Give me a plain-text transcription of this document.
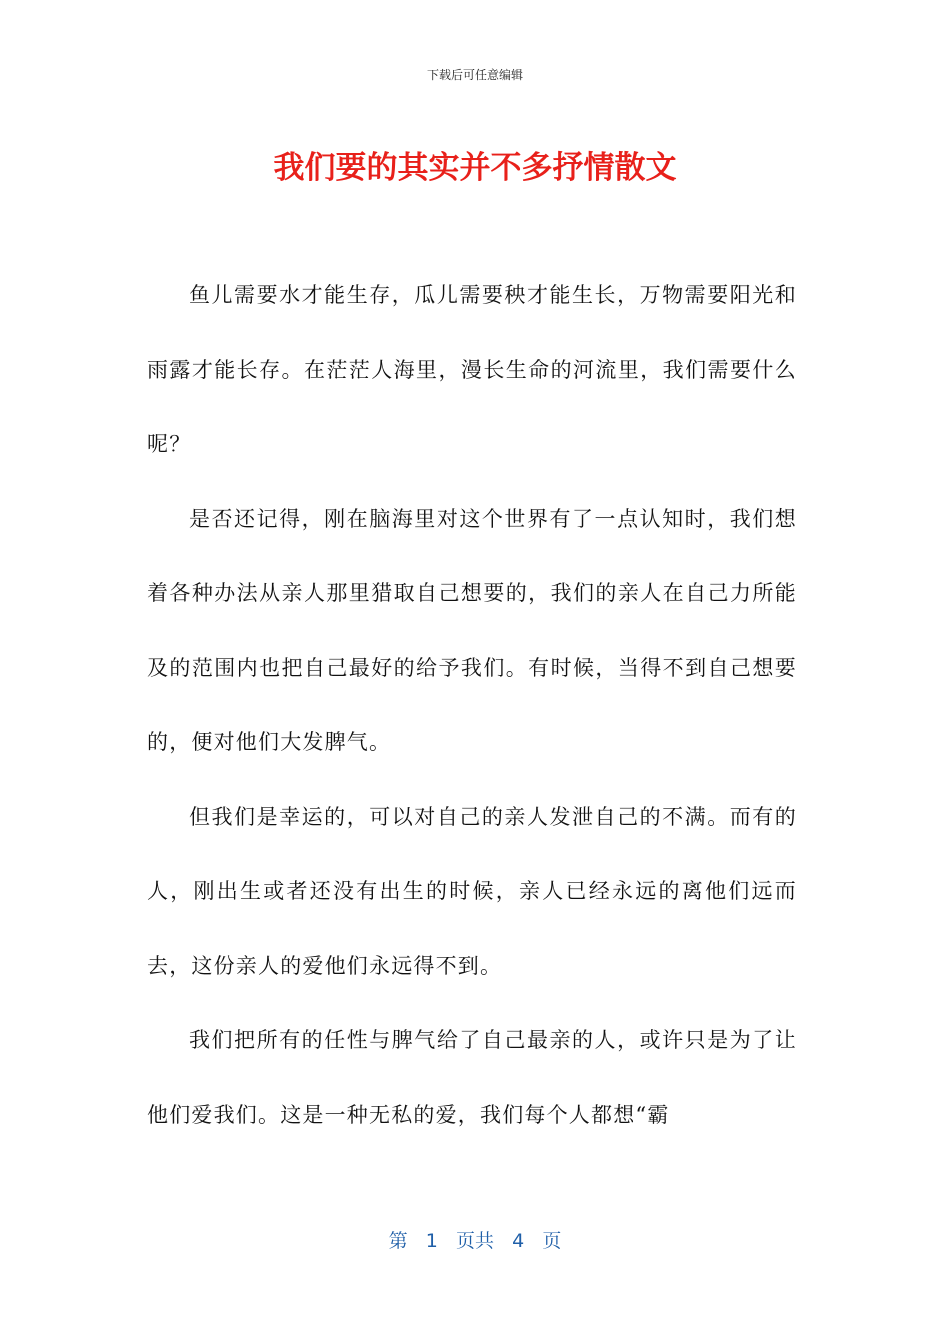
下载后可任意编辑
我们要的其实并不多抒情散文

鱼儿需要水才能生存，瓜儿需要秧才能生长，万物需要阳光和雨露才能长存。在茫茫人海里，漫长生命的河流里，我们需要什么呢？

是否还记得，刚在脑海里对这个世界有了一点认知时，我们想着各种办法从亲人那里猎取自己想要的，我们的亲人在自己力所能及的范围内也把自己最好的给予我们。有时候，当得不到自己想要的，便对他们大发脾气。

但我们是幸运的，可以对自己的亲人发泄自己的不满。而有的人，刚出生或者还没有出生的时候，亲人已经永远的离他们远而去，这份亲人的爱他们永远得不到。

我们把所有的任性与脾气给了自己最亲的人，或许只是为了让他们爱我们。这是一种无私的爱，我们每个人都想“霸

第 1 页共 4 页
